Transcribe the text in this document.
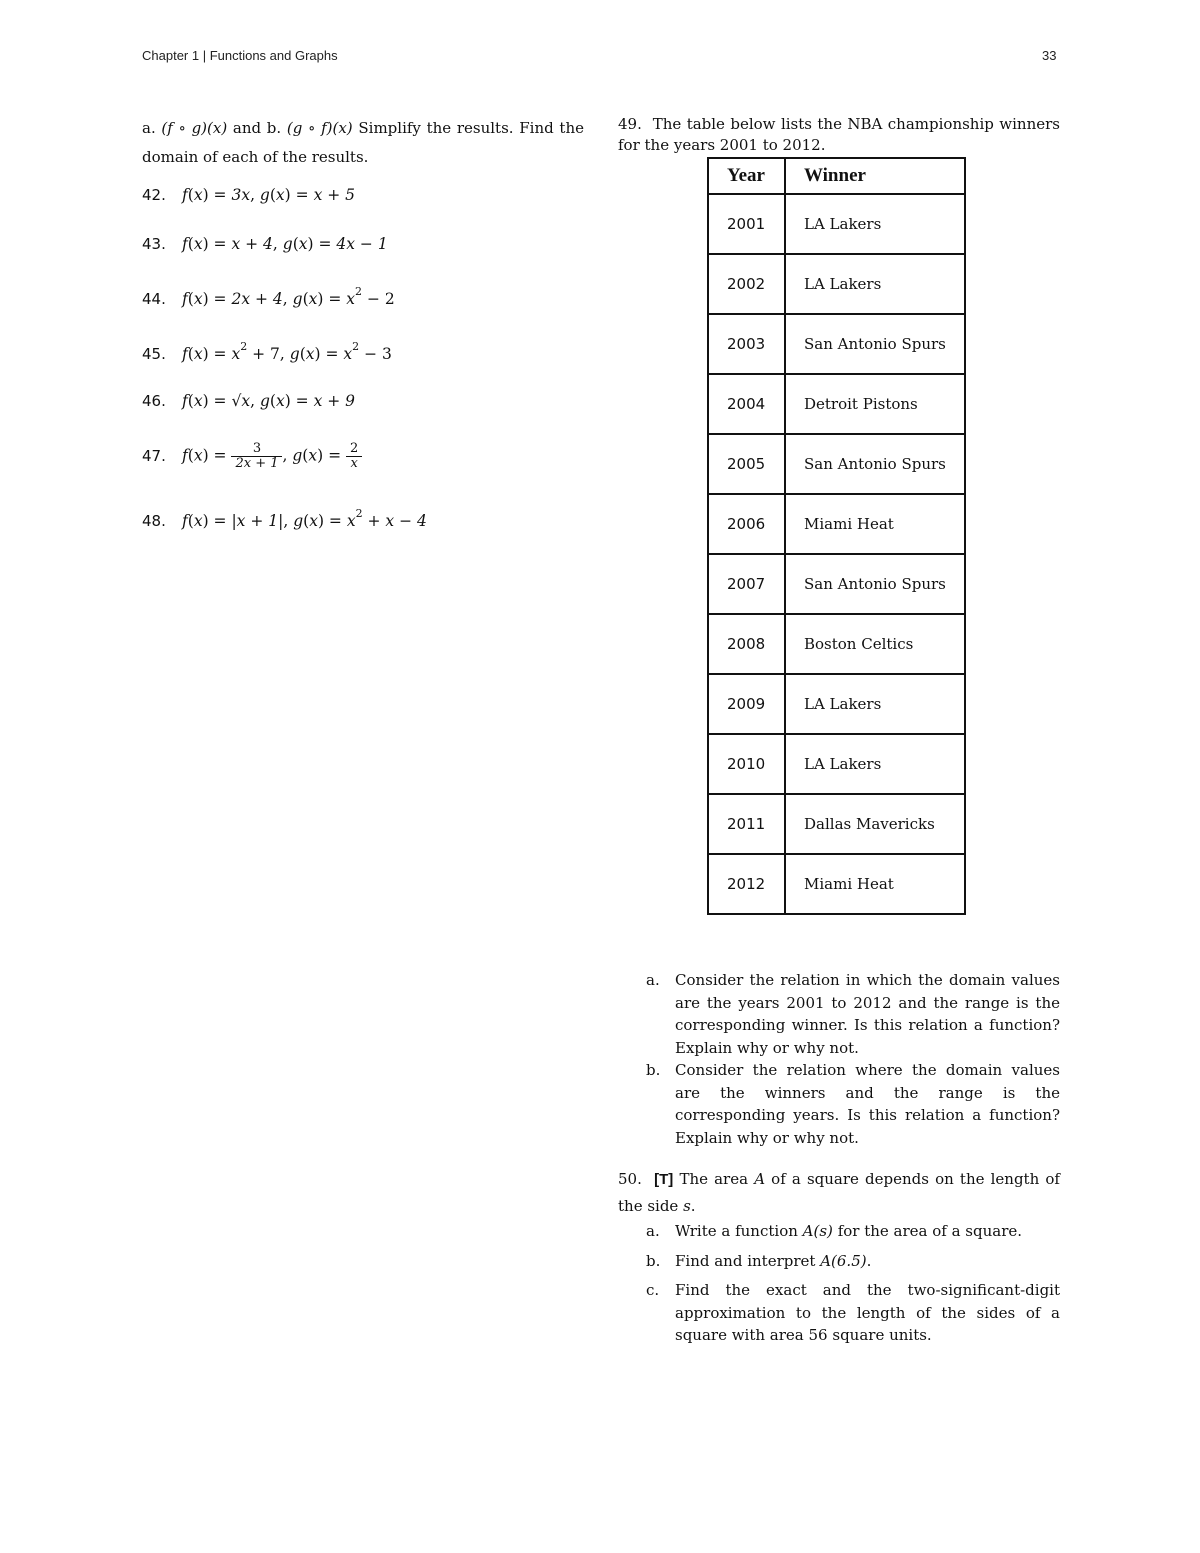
Chapter 1 | Functions and Graphs	33
a. (f ∘ g)(x) and b. (g ∘ f)(x) Simplify the results. Find the domain of each of the results.
42. f(x) = 3x, g(x) = x + 5
43. f(x) = x + 4, g(x) = 4x − 1
44. f(x) = 2x + 4, $g(x) = x^2 - 2$
45. $f(x) = x^2 + 7$, $g(x) = x^2 - 3$
46. f(x) = √x, g(x) = x + 9
47. $f(x) = \frac{3}{2x + 1}$ , $g(x) = \frac{2}{x}$
48. f(x) = |x + 1|, $g(x) = x^2 + x - 4$
49. The table below lists the NBA championship winners for the years 2001 to 2012.
Year	Winner
2001	LA Lakers
2002	LA Lakers
2003	San Antonio Spurs
2004	Detroit Pistons
2005	San Antonio Spurs
2006	Miami Heat
2007	San Antonio Spurs
2008	Boston Celtics
2009	LA Lakers
2010	LA Lakers
2011	Dallas Mavericks
2012	Miami Heat
a. Consider the relation in which the domain values are the years 2001 to 2012 and the range is the corresponding winner. Is this relation a function? Explain why or why not.
b. Consider the relation where the domain values are the winners and the range is the corresponding years. Is this relation a function? Explain why or why not.
50. [T] The area A of a square depends on the length of the side s.
a. Write a function A(s) for the area of a square.
b. Find and interpret A(6.5).
c. Find the exact and the two-significant-digit approximation to the length of the sides of a square with area 56 square units.
